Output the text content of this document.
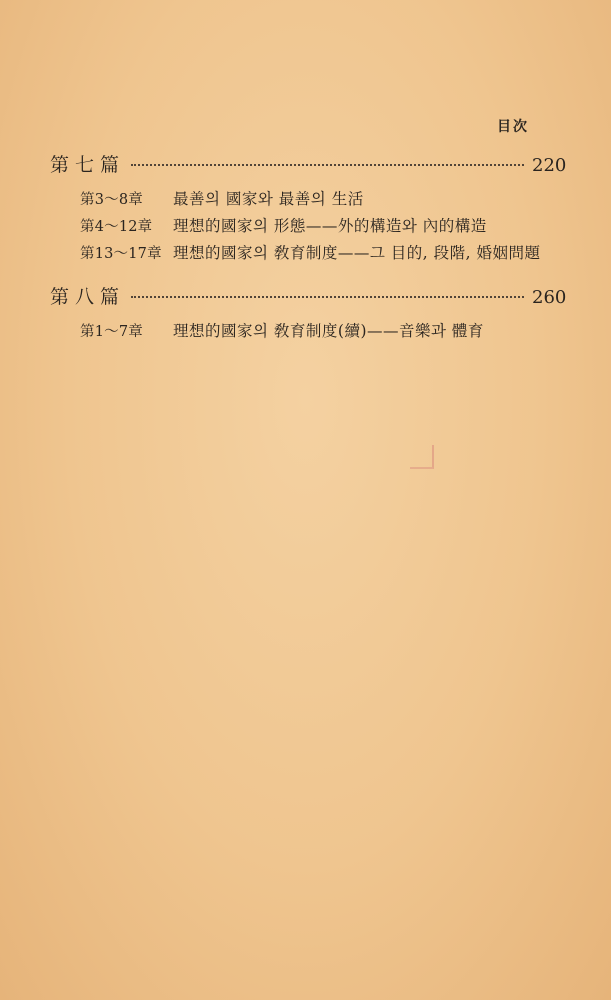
目次
第七篇	220
第3～8章	最善의 國家와 最善의 生活
第4～12章	理想的國家의 形態——外的構造와 內的構造
第13～17章 理想的國家의 敎育制度——그 目的, 段階, 婚姻問題
第八篇	260
第1～7章	理想的國家의 敎育制度(續)——音樂과 體育
